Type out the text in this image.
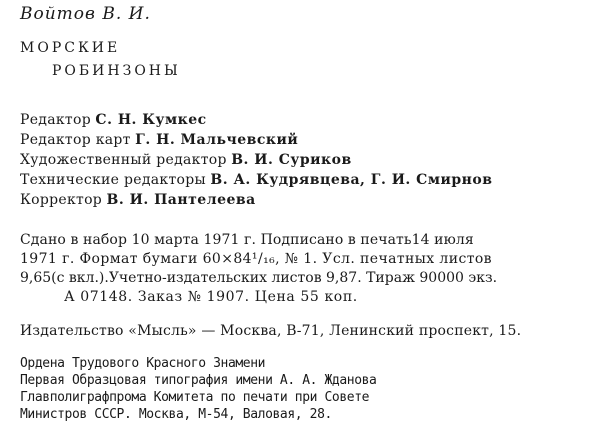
Войтов В. И.
МОРСКИЕ
РОБИНЗОНЫ
Редактор С. Н. Кумкес
Редактор карт Г. Н. Мальчевский
Художественный редактор В. И. Суриков
Технические редакторы В. А. Кудрявцева, Г. И. Смирнов
Корректор В. И. Пантелеева
Сдано в набор 10 марта 1971 г. Подписано в печать14 июля
1971 г. Формат бумаги 60×84¹/₁₆, № 1. Усл. печатных листов
9,65(с вкл.).Учетно-издательских листов 9,87. Тираж 90000 экз.
А 07148. Заказ № 1907. Цена 55 коп.
Издательство «Мысль» — Москва, В-71, Ленинский проспект, 15.
Ордена Трудового Красного Знамени
Первая Образцовая типография имени А. А. Жданова
Главполиграфпрома Комитета по печати при Совете
Министров СССР. Москва, М-54, Валовая, 28.
